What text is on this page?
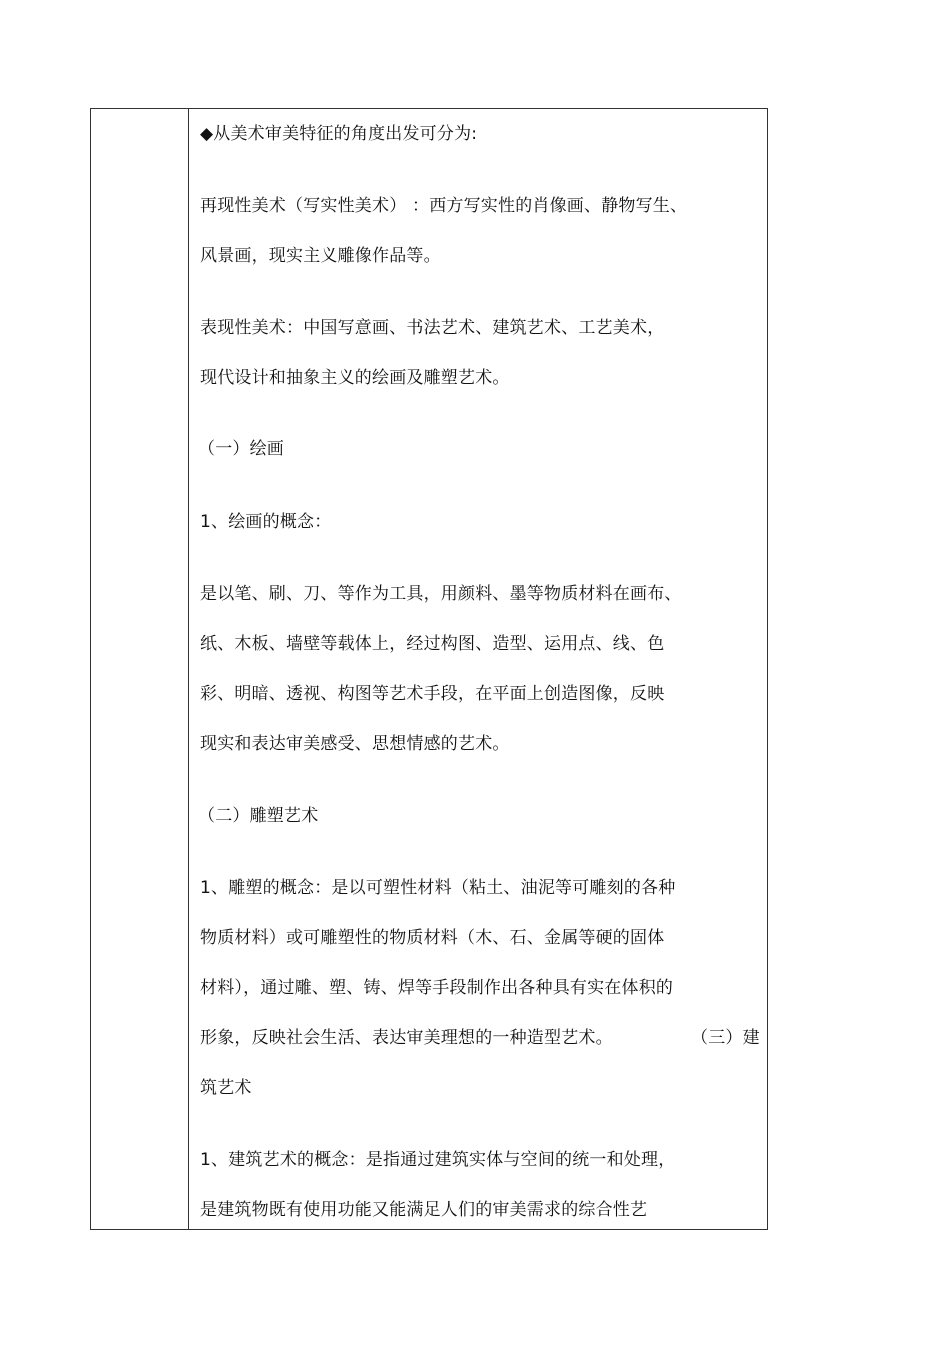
◆从美术审美特征的角度出发可分为:
再现性美术（写实性美术） ：西方写实性的肖像画、静物写生、
风景画，现实主义雕像作品等。
表现性美术：中国写意画、书法艺术、建筑艺术、工艺美术，
现代设计和抽象主义的绘画及雕塑艺术。
（一）绘画
1、绘画的概念：
是以笔、刷、刀、等作为工具，用颜料、墨等物质材料在画布、
纸、木板、墙壁等载体上，经过构图、造型、运用点、线、色
彩、明暗、透视、构图等艺术手段，在平面上创造图像，反映
现实和表达审美感受、思想情感的艺术。
（二）雕塑艺术
1、雕塑的概念：是以可塑性材料（粘土、油泥等可雕刻的各种
物质材料）或可雕塑性的物质材料（木、石、金属等硬的固体
材料），通过雕、塑、铸、焊等手段制作出各种具有实在体积的
形象，反映社会生活、表达审美理想的一种造型艺术。	（三）建
筑艺术
1、建筑艺术的概念：是指通过建筑实体与空间的统一和处理，
是建筑物既有使用功能又能满足人们的审美需求的综合性艺
